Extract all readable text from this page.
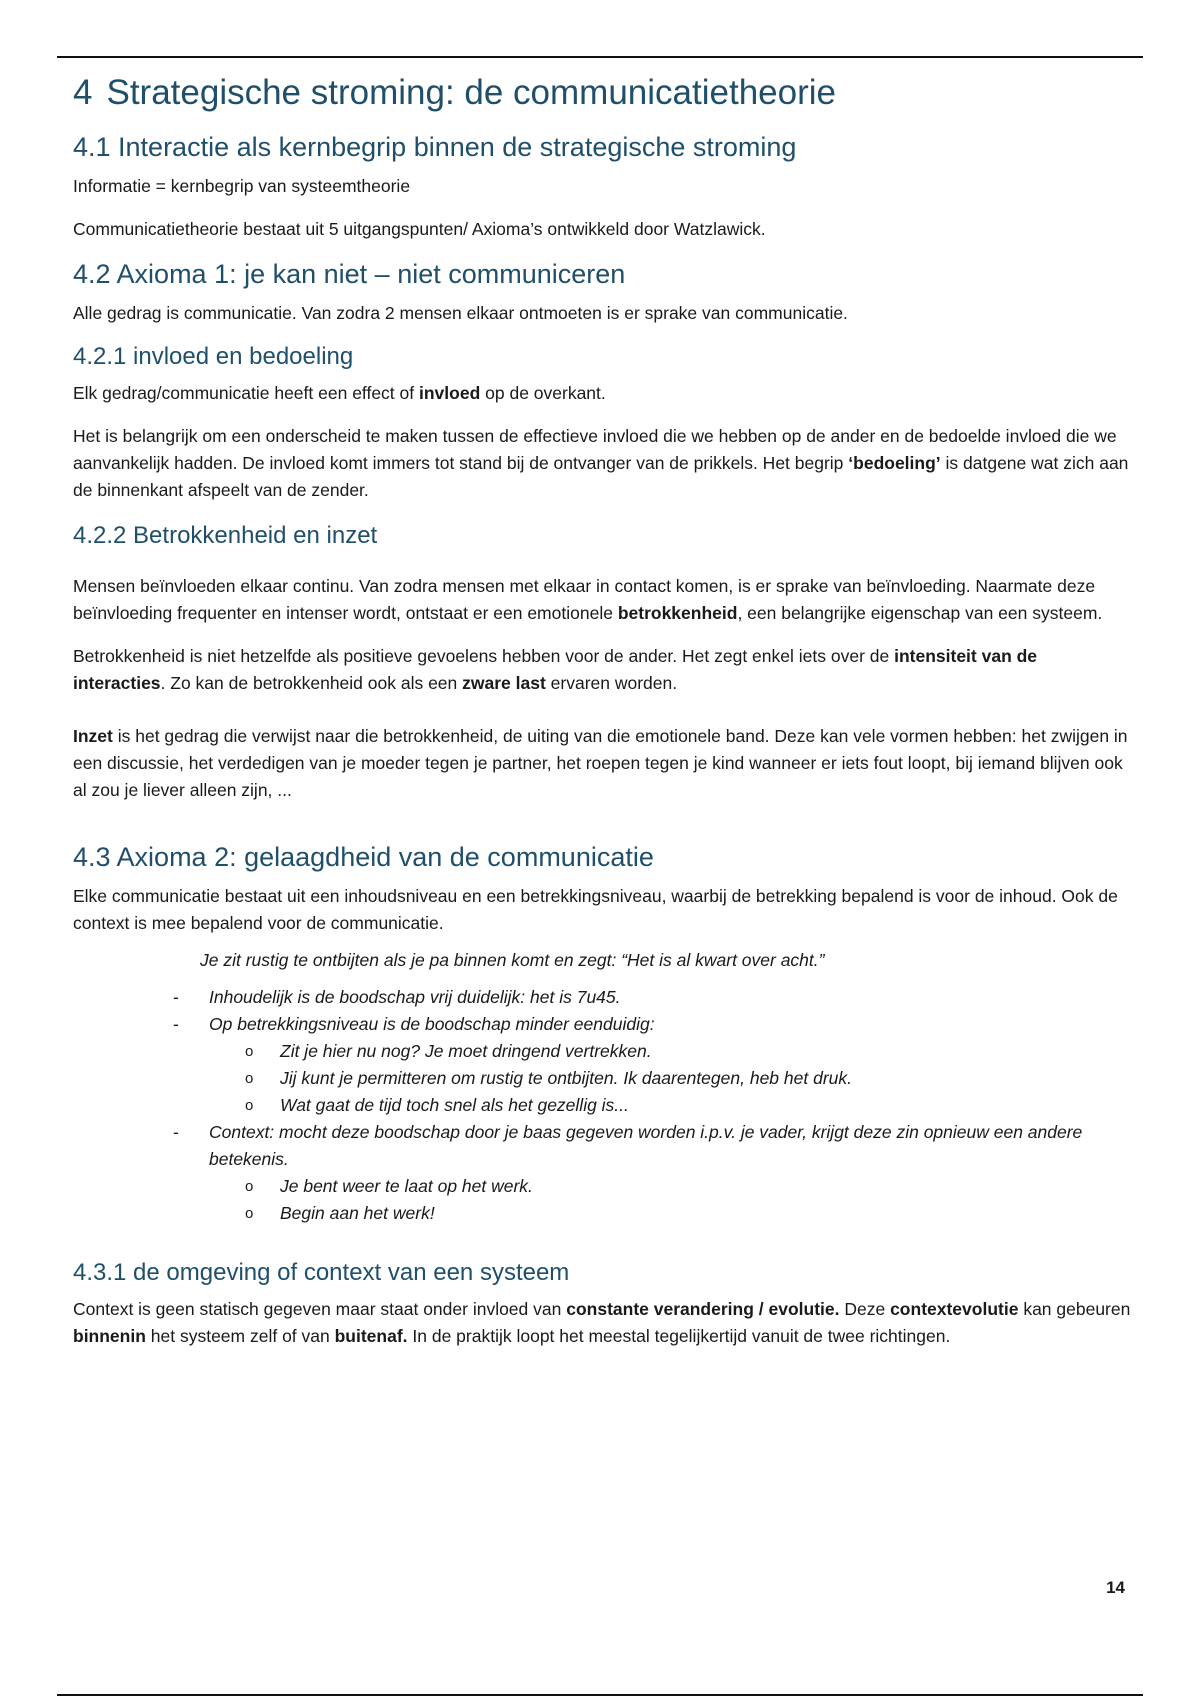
4 Strategische stroming: de communicatietheorie
4.1 Interactie als kernbegrip binnen de strategische stroming

Informatie = kernbegrip van systeemtheorie

Communicatietheorie bestaat uit 5 uitgangspunten/ Axioma’s ontwikkeld door Watzlawick.

4.2 Axioma 1: je kan niet – niet communiceren

Alle gedrag is communicatie. Van zodra 2 mensen elkaar ontmoeten is er sprake van communicatie.

4.2.1 invloed en bedoeling

Elk gedrag/communicatie heeft een effect of invloed op de overkant.

Het is belangrijk om een onderscheid te maken tussen de effectieve invloed die we hebben op de ander en de bedoelde invloed die we aanvankelijk hadden. De invloed komt immers tot stand bij de ontvanger van de prikkels. Het begrip ‘bedoeling’ is datgene wat zich aan de binnenkant afspeelt van de zender.

4.2.2 Betrokkenheid en inzet

Mensen beïnvloeden elkaar continu. Van zodra mensen met elkaar in contact komen, is er sprake van beïnvloeding. Naarmate deze beïnvloeding frequenter en intenser wordt, ontstaat er een emotionele betrokkenheid, een belangrijke eigenschap van een systeem.

Betrokkenheid is niet hetzelfde als positieve gevoelens hebben voor de ander. Het zegt enkel iets over de intensiteit van de interacties. Zo kan de betrokkenheid ook als een zware last ervaren worden.

Inzet is het gedrag die verwijst naar die betrokkenheid, de uiting van die emotionele band. Deze kan vele vormen hebben: het zwijgen in een discussie, het verdedigen van je moeder tegen je partner, het roepen tegen je kind wanneer er iets fout loopt, bij iemand blijven ook al zou je liever alleen zijn, ...

4.3 Axioma 2: gelaagdheid van de communicatie

Elke communicatie bestaat uit een inhoudsniveau en een betrekkingsniveau, waarbij de betrekking bepalend is voor de inhoud. Ook de context is mee bepalend voor de communicatie.

Je zit rustig te ontbijten als je pa binnen komt en zegt: “Het is al kwart over acht.”

- Inhoudelijk is de boodschap vrij duidelijk: het is 7u45.
- Op betrekkingsniveau is de boodschap minder eenduidig:
o Zit je hier nu nog? Je moet dringend vertrekken.
o Jij kunt je permitteren om rustig te ontbijten. Ik daarentegen, heb het druk.
o Wat gaat de tijd toch snel als het gezellig is...
- Context: mocht deze boodschap door je baas gegeven worden i.p.v. je vader, krijgt deze zin opnieuw een andere betekenis.
o Je bent weer te laat op het werk.
o Begin aan het werk!
4.3.1 de omgeving of context van een systeem

Context is geen statisch gegeven maar staat onder invloed van constante verandering / evolutie. Deze contextevolutie kan gebeuren binnenin het systeem zelf of van buitenaf. In de praktijk loopt het meestal tegelijkertijd vanuit de twee richtingen.

14
